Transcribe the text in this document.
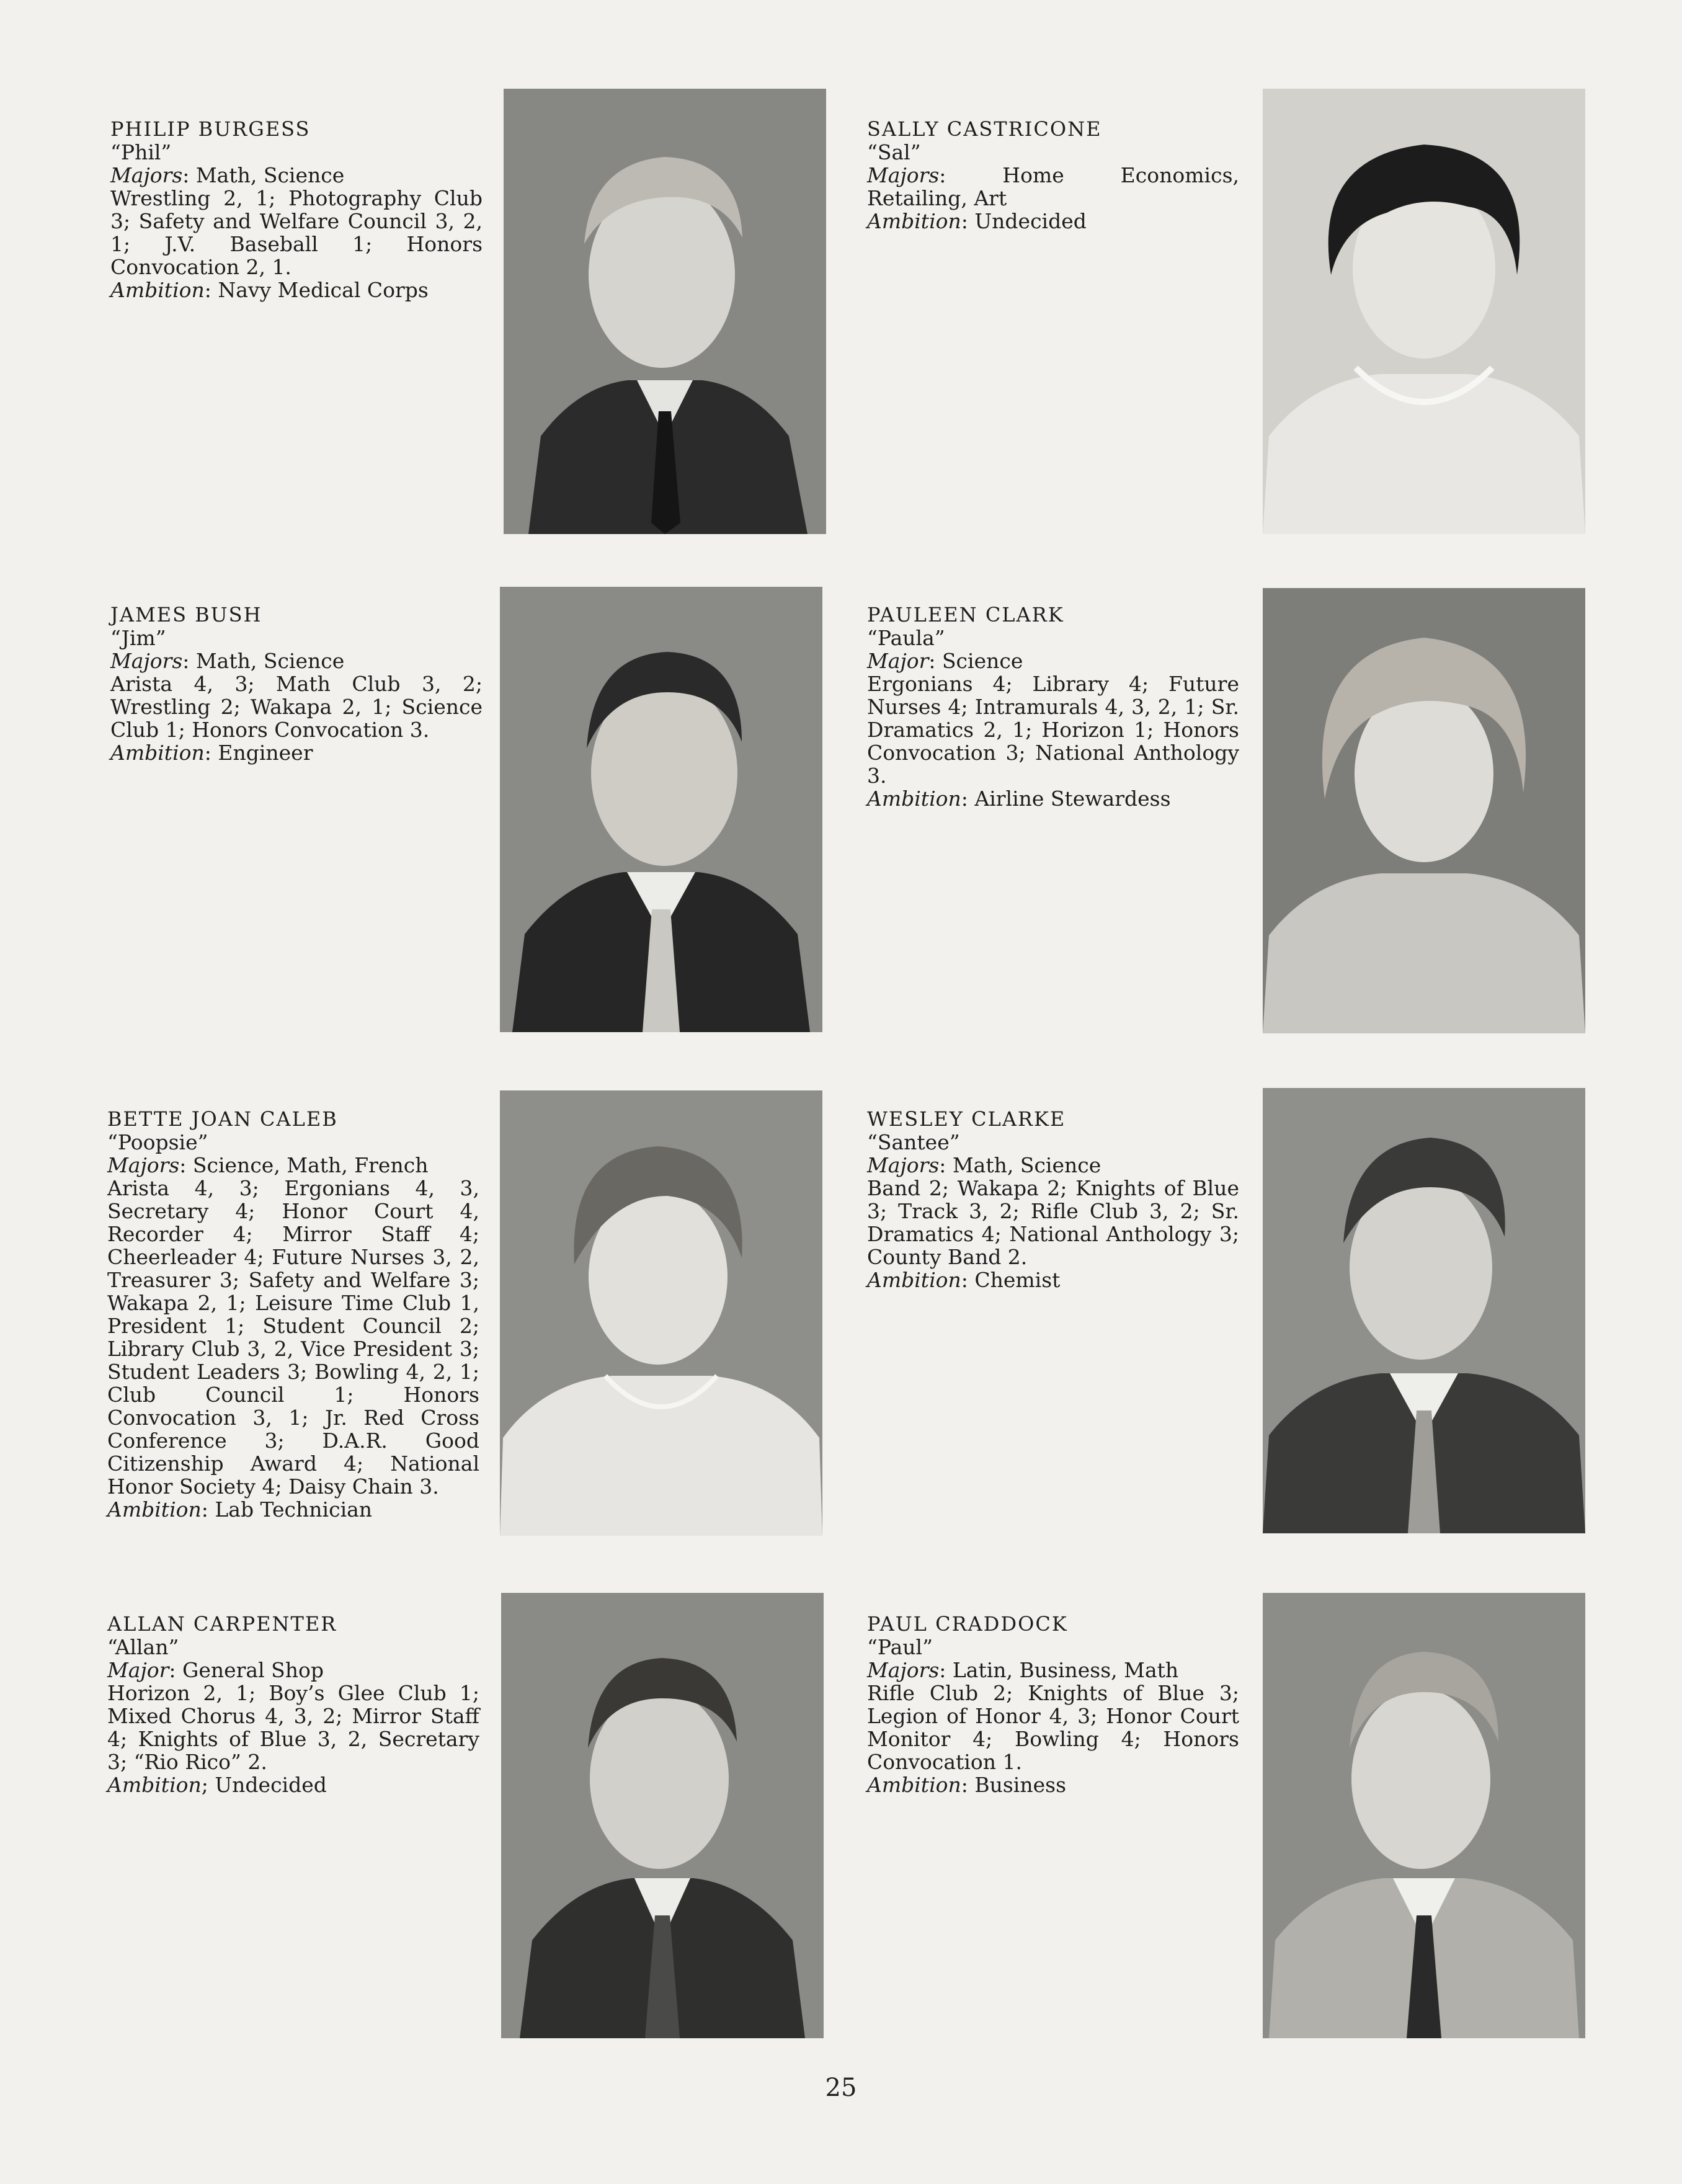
PHILIP BURGESS
“Phil”
Majors: Math, Science
Wrestling 2, 1; Photography Club 3; Safety and Welfare Council 3, 2, 1; J.V. Baseball 1; Honors Convocation 2, 1.
Ambition: Navy Medical Corps
SALLY CASTRICONE
“Sal”
Majors: Home Economics, Retailing, Art
Ambition: Undecided
JAMES BUSH
“Jim”
Majors: Math, Science
Arista 4, 3; Math Club 3, 2; Wrestling 2; Wakapa 2, 1; Science Club 1; Honors Convocation 3.
Ambition: Engineer
PAULEEN CLARK
“Paula”
Major: Science
Ergonians 4; Library 4; Future Nurses 4; Intramurals 4, 3, 2, 1; Sr. Dramatics 2, 1; Horizon 1; Honors Convocation 3; National Anthology 3.
Ambition: Airline Stewardess
BETTE JOAN CALEB
“Poopsie”
Majors: Science, Math, French
Arista 4, 3; Ergonians 4, 3, Secretary 4; Honor Court 4, Recorder 4; Mirror Staff 4; Cheerleader 4; Future Nurses 3, 2, Treasurer 3; Safety and Welfare 3; Wakapa 2, 1; Leisure Time Club 1, President 1; Student Council 2; Library Club 3, 2, Vice President 3; Student Leaders 3; Bowling 4, 2, 1; Club Council 1; Honors Convocation 3, 1; Jr. Red Cross Conference 3; D.A.R. Good Citizenship Award 4; National Honor Society 4; Daisy Chain 3.
Ambition: Lab Technician
WESLEY CLARKE
“Santee”
Majors: Math, Science
Band 2; Wakapa 2; Knights of Blue 3; Track 3, 2; Rifle Club 3, 2; Sr. Dramatics 4; National Anthology 3; County Band 2.
Ambition: Chemist
ALLAN CARPENTER
“Allan”
Major: General Shop
Horizon 2, 1; Boy’s Glee Club 1; Mixed Chorus 4, 3, 2; Mirror Staff 4; Knights of Blue 3, 2, Secretary 3; “Rio Rico” 2.
Ambition; Undecided
PAUL CRADDOCK
“Paul”
Majors: Latin, Business, Math
Rifle Club 2; Knights of Blue 3; Legion of Honor 4, 3; Honor Court Monitor 4; Bowling 4; Honors Convocation 1.
Ambition: Business
25
